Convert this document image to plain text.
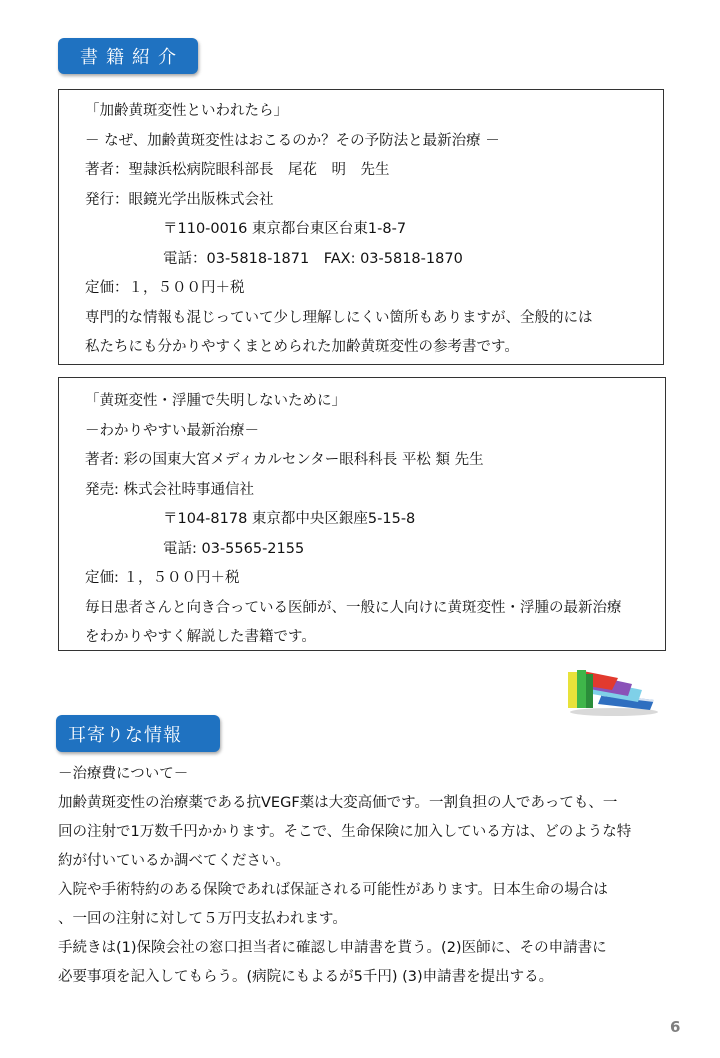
書籍紹介
「加齢黄斑変性といわれたら」
－ なぜ、加齢黄斑変性はおこるのか？その予防法と最新治療 －
著者：聖隷浜松病院眼科部長　尾花　明　先生
発行：眼鏡光学出版株式会社
〒110-0016 東京都台東区台東1-8-7
電話：03-5818-1871　FAX: 03-5818-1870
定価：１，５００円＋税
専門的な情報も混じっていて少し理解しにくい箇所もありますが、全般的には
私たちにも分かりやすくまとめられた加齢黄斑変性の参考書です。
「黄斑変性・浮腫で失明しないために」
－わかりやすい最新治療－
著者: 彩の国東大宮メディカルセンター眼科科長 平松 類 先生
発売: 株式会社時事通信社
〒104-8178 東京都中央区銀座5-15-8
電話: 03-5565-2155
定価: １，５００円＋税
毎日患者さんと向き合っている医師が、一般に人向けに黄斑変性・浮腫の最新治療
をわかりやすく解説した書籍です。
耳寄りな情報
－治療費について－
加齢黄斑変性の治療薬である抗VEGF薬は大変高価です。一割負担の人であっても、一
回の注射で1万数千円かかります。そこで、生命保険に加入している方は、どのような特
約が付いているか調べてください。
入院や手術特約のある保険であれば保証される可能性があります。日本生命の場合は
、一回の注射に対して５万円支払われます。
手続きは(1)保険会社の窓口担当者に確認し申請書を貰う。(2)医師に、その申請書に
必要事項を記入してもらう。(病院にもよるが5千円) (3)申請書を提出する。
6
